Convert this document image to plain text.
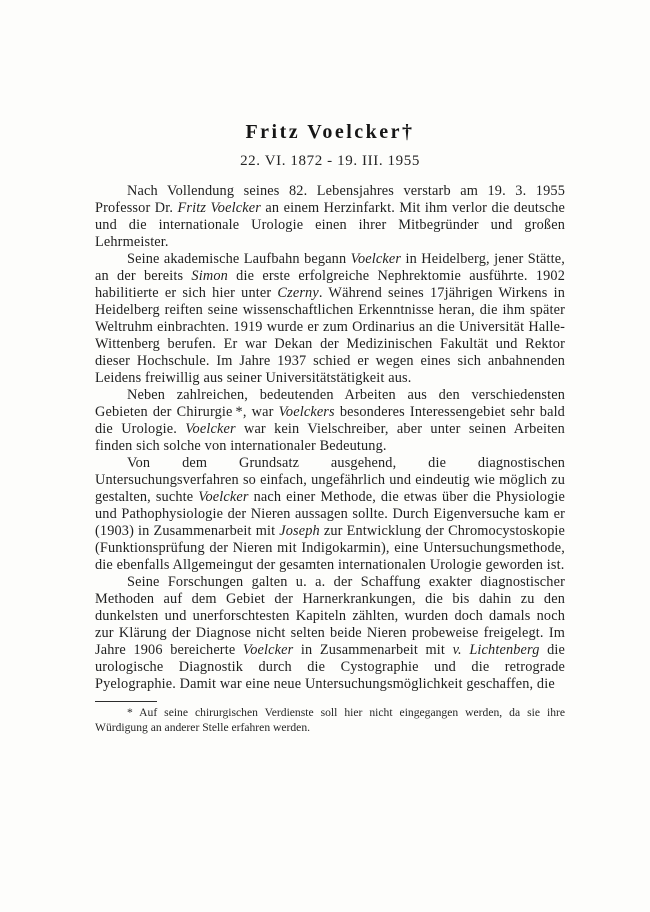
Fritz Voelcker†
22. VI. 1872 - 19. III. 1955

Nach Vollendung seines 82. Lebensjahres verstarb am 19. 3. 1955 Professor Dr. Fritz Voelcker an einem Herzinfarkt. Mit ihm verlor die deutsche und die internationale Urologie einen ihrer Mitbegründer und großen Lehrmeister.

Seine akademische Laufbahn begann Voelcker in Heidelberg, jener Stätte, an der bereits Simon die erste erfolgreiche Nephrektomie ausführte. 1902 habilitierte er sich hier unter Czerny. Während seines 17jährigen Wirkens in Heidelberg reiften seine wissenschaftlichen Erkenntnisse heran, die ihm später Weltruhm einbrachten. 1919 wurde er zum Ordinarius an die Universität Halle-Wittenberg berufen. Er war Dekan der Medizinischen Fakultät und Rektor dieser Hochschule. Im Jahre 1937 schied er wegen eines sich anbahnenden Leidens freiwillig aus seiner Universitätstätigkeit aus.

Neben zahlreichen, bedeutenden Arbeiten aus den verschiedensten Gebieten der Chirurgie *, war Voelckers besonderes Interessengebiet sehr bald die Urologie. Voelcker war kein Vielschreiber, aber unter seinen Arbeiten finden sich solche von internationaler Bedeutung.

Von dem Grundsatz ausgehend, die diagnostischen Untersuchungsverfahren so einfach, ungefährlich und eindeutig wie möglich zu gestalten, suchte Voelcker nach einer Methode, die etwas über die Physiologie und Pathophysiologie der Nieren aussagen sollte. Durch Eigenversuche kam er (1903) in Zusammenarbeit mit Joseph zur Entwicklung der Chromocystoskopie (Funktionsprüfung der Nieren mit Indigokarmin), eine Untersuchungsmethode, die ebenfalls Allgemeingut der gesamten internationalen Urologie geworden ist.

Seine Forschungen galten u. a. der Schaffung exakter diagnostischer Methoden auf dem Gebiet der Harnerkrankungen, die bis dahin zu den dunkelsten und unerforschtesten Kapiteln zählten, wurden doch damals noch zur Klärung der Diagnose nicht selten beide Nieren probeweise freigelegt. Im Jahre 1906 bereicherte Voelcker in Zusammenarbeit mit v. Lichtenberg die urologische Diagnostik durch die Cystographie und die retrograde Pyelographie. Damit war eine neue Untersuchungsmöglichkeit geschaffen, die

* Auf seine chirurgischen Verdienste soll hier nicht eingegangen werden, da sie ihre Würdigung an anderer Stelle erfahren werden.
